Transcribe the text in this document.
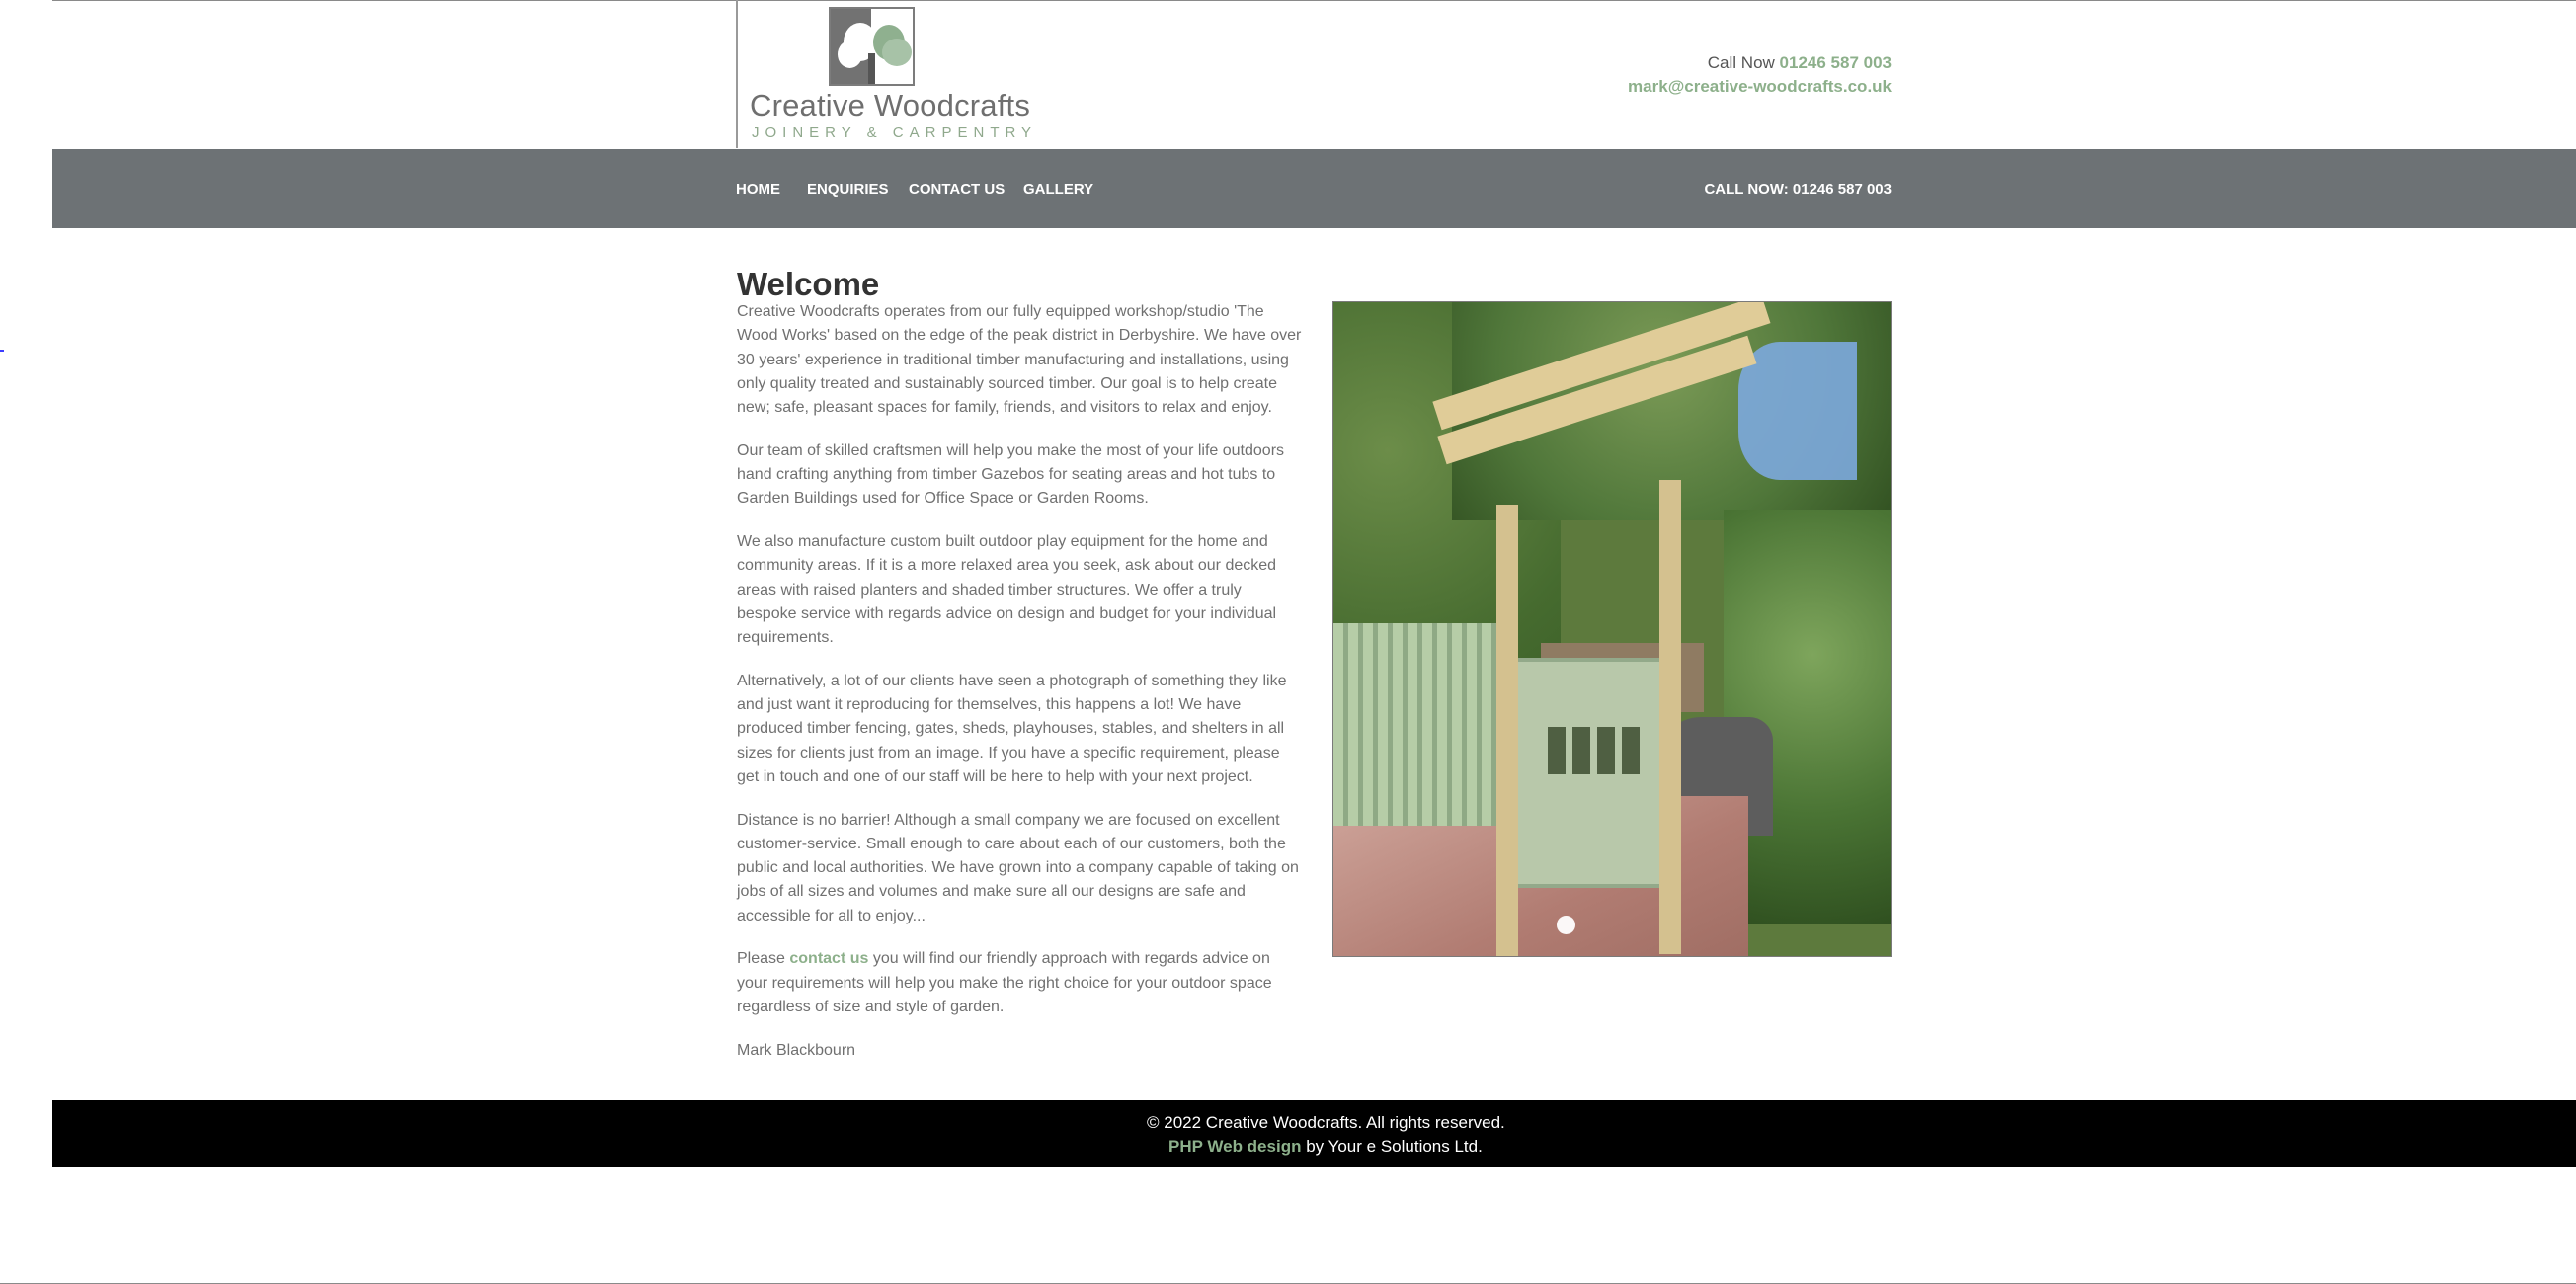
Creative Woodcrafts
JOINERY & CARPENTRY
Call Now 01246 587 003
mark@creative-woodcrafts.co.uk
HOME ENQUIRIES CONTACT US GALLERY	CALL NOW: 01246 587 003
Welcome

Creative Woodcrafts operates from our fully equipped workshop/studio 'The Wood Works' based on the edge of the peak district in Derbyshire. We have over 30 years' experience in traditional timber manufacturing and installations, using only quality treated and sustainably sourced timber. Our goal is to help create new; safe, pleasant spaces for family, friends, and visitors to relax and enjoy.

Our team of skilled craftsmen will help you make the most of your life outdoors hand crafting anything from timber Gazebos for seating areas and hot tubs to Garden Buildings used for Office Space or Garden Rooms.

We also manufacture custom built outdoor play equipment for the home and community areas. If it is a more relaxed area you seek, ask about our decked areas with raised planters and shaded timber structures. We offer a truly bespoke service with regards advice on design and budget for your individual requirements.

Alternatively, a lot of our clients have seen a photograph of something they like and just want it reproducing for themselves, this happens a lot! We have produced timber fencing, gates, sheds, playhouses, stables, and shelters in all sizes for clients just from an image. If you have a specific requirement, please get in touch and one of our staff will be here to help with your next project.

Distance is no barrier! Although a small company we are focused on excellent customer-service. Small enough to care about each of our customers, both the public and local authorities. We have grown into a company capable of taking on jobs of all sizes and volumes and make sure all our designs are safe and accessible for all to enjoy...

Please contact us you will find our friendly approach with regards advice on your requirements will help you make the right choice for your outdoor space regardless of size and style of garden.

Mark Blackbourn

© 2022 Creative Woodcrafts. All rights reserved.
PHP Web design by Your e Solutions Ltd.
